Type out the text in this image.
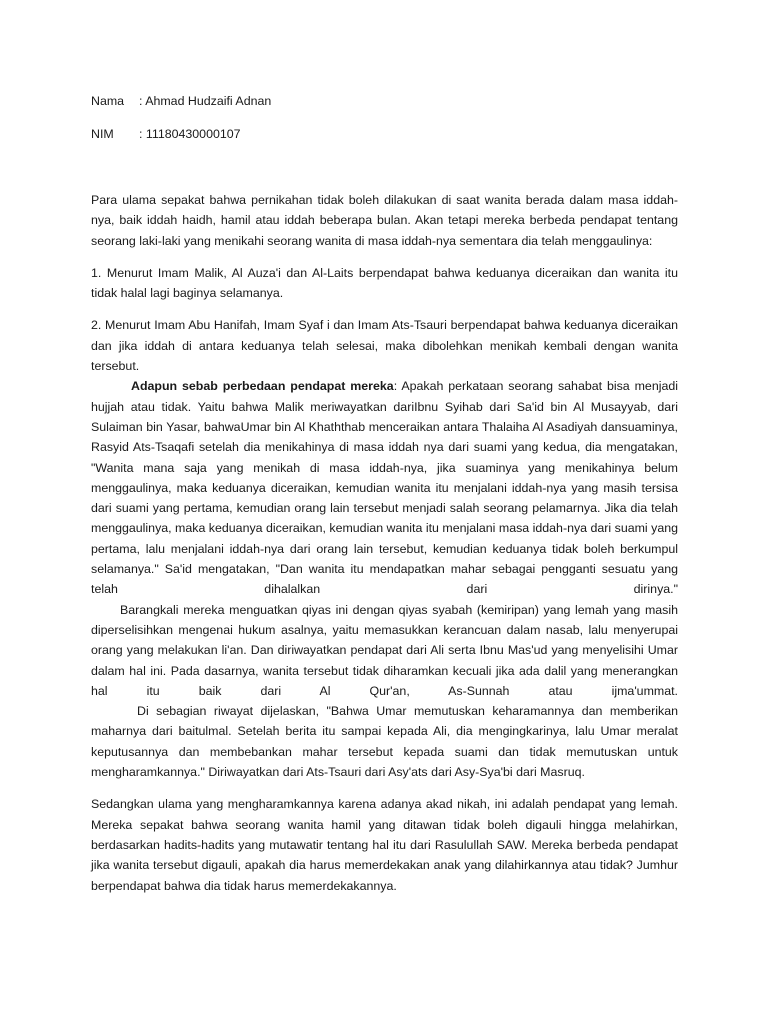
Nama : Ahmad Hudzaifi Adnan
NIM : 11180430000107

Para ulama sepakat bahwa pernikahan tidak boleh dilakukan di saat wanita berada dalam masa iddah-nya, baik iddah haidh, hamil atau iddah beberapa bulan. Akan tetapi mereka berbeda pendapat tentang seorang laki-laki yang menikahi seorang wanita di masa iddah-nya sementara dia telah menggaulinya:

1. Menurut Imam Malik, Al Auza'i dan Al-Laits berpendapat bahwa keduanya diceraikan dan wanita itu tidak halal lagi baginya selamanya.

2. Menurut Imam Abu Hanifah, Imam Syaf i dan Imam Ats-Tsauri berpendapat bahwa keduanya diceraikan dan jika iddah di antara keduanya telah selesai, maka dibolehkan menikah kembali dengan wanita tersebut.

Adapun sebab perbedaan pendapat mereka: Apakah perkataan seorang sahabat bisa menjadi hujjah atau tidak. Yaitu bahwa Malik meriwayatkan dariIbnu Syihab dari Sa'id bin Al Musayyab, dari Sulaiman bin Yasar, bahwaUmar bin Al Khaththab menceraikan antara Thalaiha Al Asadiyah dansuaminya, Rasyid Ats-Tsaqafi setelah dia menikahinya di masa iddah nya dari suami yang kedua, dia mengatakan, "Wanita mana saja yang menikah di masa iddah-nya, jika suaminya yang menikahinya belum menggaulinya, maka keduanya diceraikan, kemudian wanita itu menjalani iddah-nya yang masih tersisa dari suami yang pertama, kemudian orang lain tersebut menjadi salah seorang pelamarnya. Jika dia telah menggaulinya, maka keduanya diceraikan, kemudian wanita itu menjalani masa iddah-nya dari suami yang pertama, lalu menjalani iddah-nya dari orang lain tersebut, kemudian keduanya tidak boleh berkumpul selamanya." Sa'id mengatakan, "Dan wanita itu mendapatkan mahar sebagai pengganti sesuatu yang telah dihalalkan dari dirinya."

Barangkali mereka menguatkan qiyas ini dengan qiyas syabah (kemiripan) yang lemah yang masih diperselisihkan mengenai hukum asalnya, yaitu memasukkan kerancuan dalam nasab, lalu menyerupai orang yang melakukan li'an. Dan diriwayatkan pendapat dari Ali serta Ibnu Mas'ud yang menyelisihi Umar dalam hal ini. Pada dasarnya, wanita tersebut tidak diharamkan kecuali jika ada dalil yang menerangkan hal itu baik dari Al Qur'an, As-Sunnah atau ijma'ummat.

Di sebagian riwayat dijelaskan, "Bahwa Umar memutuskan keharamannya dan memberikan maharnya dari baitulmal. Setelah berita itu sampai kepada Ali, dia mengingkarinya, lalu Umar meralat keputusannya dan membebankan mahar tersebut kepada suami dan tidak memutuskan untuk mengharamkannya." Diriwayatkan dari Ats-Tsauri dari Asy'ats dari Asy-Sya'bi dari Masruq.

Sedangkan ulama yang mengharamkannya karena adanya akad nikah, ini adalah pendapat yang lemah. Mereka sepakat bahwa seorang wanita hamil yang ditawan tidak boleh digauli hingga melahirkan, berdasarkan hadits-hadits yang mutawatir tentang hal itu dari Rasulullah SAW. Mereka berbeda pendapat jika wanita tersebut digauli, apakah dia harus memerdekakan anak yang dilahirkannya atau tidak? Jumhur berpendapat bahwa dia tidak harus memerdekakannya.
